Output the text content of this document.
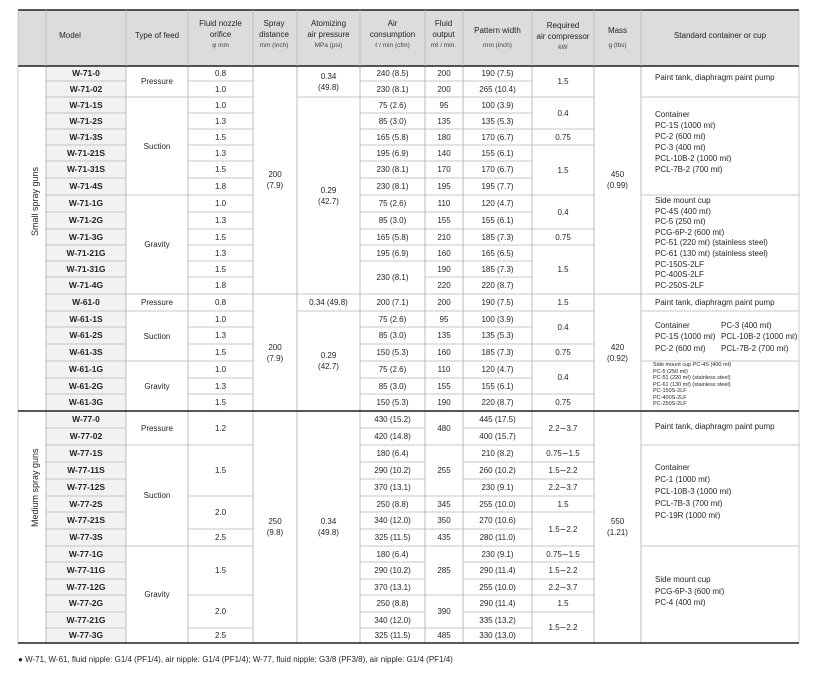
Model	Type of feed
Fluid nozzle
orifice
φ mm
Spray
distance
mm (inch)
Atomizing
air pressure
MPa (psi)
Air
consumption
ℓ / min (cfm)
Fluid
output
mℓ / min.
Pattern width
mm (inch)
Required
air compressor
kW
Mass
g (lbs)
Standard container or cup
Small spray guns
Medium spray guns
W-71-0
W-71-02
W-71-1S
W-71-2S
W-71-3S
W-71-21S
W-71-31S
W-71-4S
W-71-1G
W-71-2G
W-71-3G
W-71-21G
W-71-31G
W-71-4G
W-61-0
W-61-1S
W-61-2S
W-61-3S
W-61-1G
W-61-2G
W-61-3G
W-77-0
W-77-02
W-77-1S
W-77-11S
W-77-12S
W-77-2S
W-77-21S
W-77-3S
W-77-1G
W-77-11G
W-77-12G
W-77-2G
W-77-21G
W-77-3G
Pressure
Suction
Gravity
Pressure
Suction
Gravity
Pressure
Suction
Gravity
0.8
1.0
1.0
1.3
1.5
1.3
1.5
1.8
1.0
1.3
1.5
1.3
1.5
1.8
0.8
1.0
1.3
1.5
1.0
1.3
1.5
1.2
1.5
2.0
2.5
1.5
2.0
2.5
200
(7.9)
200
(7.9)
250
(9.8)
0.34
(49.8)
0.29
(42.7)
0.34 (49.8)
0.29
(42.7)
0.34
(49.8)
240 (8.5)
230 (8.1)
75 (2.6)
85 (3.0)
165 (5.8)
195 (6.9)
230 (8.1)
230 (8.1)
75 (2.6)
85 (3.0)
165 (5.8)
195 (6.9)
230 (8.1)
200 (7.1)
75 (2.6)
85 (3.0)
150 (5.3)
75 (2.6)
85 (3.0)
150 (5.3)
430 (15.2)
420 (14.8)
180 (6.4)
290 (10.2)
370 (13.1)
250 (8.8)
340 (12.0)
325 (11.5)
180 (6.4)
290 (10.2)
370 (13.1)
250 (8.8)
340 (12.0)
325 (11.5)
200
200
95
135
180
140
170
195
110
155
210
160
190
220
200
95
135
160
110
155
190
480
255
345
350
435
285
390
485
190 (7.5)
265 (10.4)
100 (3.9)
135 (5.3)
170 (6.7)
155 (6.1)
170 (6.7)
195 (7.7)
120 (4.7)
155 (6.1)
185 (7.3)
165 (6.5)
185 (7.3)
220 (8.7)
190 (7.5)
100 (3.9)
135 (5.3)
185 (7.3)
120 (4.7)
155 (6.1)
220 (8.7)
445 (17.5)
400 (15.7)
210 (8.2)
260 (10.2)
230 (9.1)
255 (10.0)
270 (10.6)
280 (11.0)
230 (9.1)
290 (11.4)
255 (10.0)
290 (11.4)
335 (13.2)
330 (13.0)
1.5
0.4
0.75
1.5
0.4
0.75
1.5
1.5
0.4
0.75
0.4
0.75
2.2∼3.7
0.75∼1.5
1.5∼2.2
2.2∼3.7
1.5
1.5∼2.2
0.75∼1.5
1.5∼2.2
2.2∼3.7
1.5
1.5∼2.2
450
(0.99)
420
(0.92)
550
(1.21)
Paint tank, diaphragm paint pump
Container
PC-1S (1000 mℓ)
PC-2 (600 mℓ)
PC-3 (400 mℓ)
PCL-10B-2 (1000 mℓ)
PCL-7B-2 (700 mℓ)
Side mount cup
PC-4S (400 mℓ)
PC-5 (250 mℓ)
PCG-6P-2 (600 mℓ)
PC-51 (220 mℓ) (stainless steel)
PC-61 (130 mℓ) (stainless steel)
PC-150S-2LF
PC-400S-2LF
PC-250S-2LF
Paint tank, diaphragm paint pump
Container	PC-3 (400 mℓ)
PC-1S (1000 mℓ) PCL-10B-2 (1000 mℓ)
PC-2 (600 mℓ) PCL-7B-2 (700 mℓ)
Side mount cup PC-4S (400 mℓ)
PC-5 (250 mℓ)
PC-51 (220 mℓ) (stainless steel)
PC-61 (130 mℓ) (stainless steel)
PC-150S-2LF
PC-400S-2LF
PC-250S-2LF
Paint tank, diaphragm paint pump
Container
PC-1 (1000 mℓ)
PCL-10B-3 (1000 mℓ)
PCL-7B-3 (700 mℓ)
PC-19R (1000 mℓ)
Side mount cup
PCG-6P-3 (600 mℓ)
PC-4 (400 mℓ)
● W-71, W-61, fluid nipple: G1/4 (PF1/4), air nipple: G1/4 (PF1/4); W-77, fluid nipple: G3/8 (PF3/8), air nipple: G1/4 (PF1/4)
